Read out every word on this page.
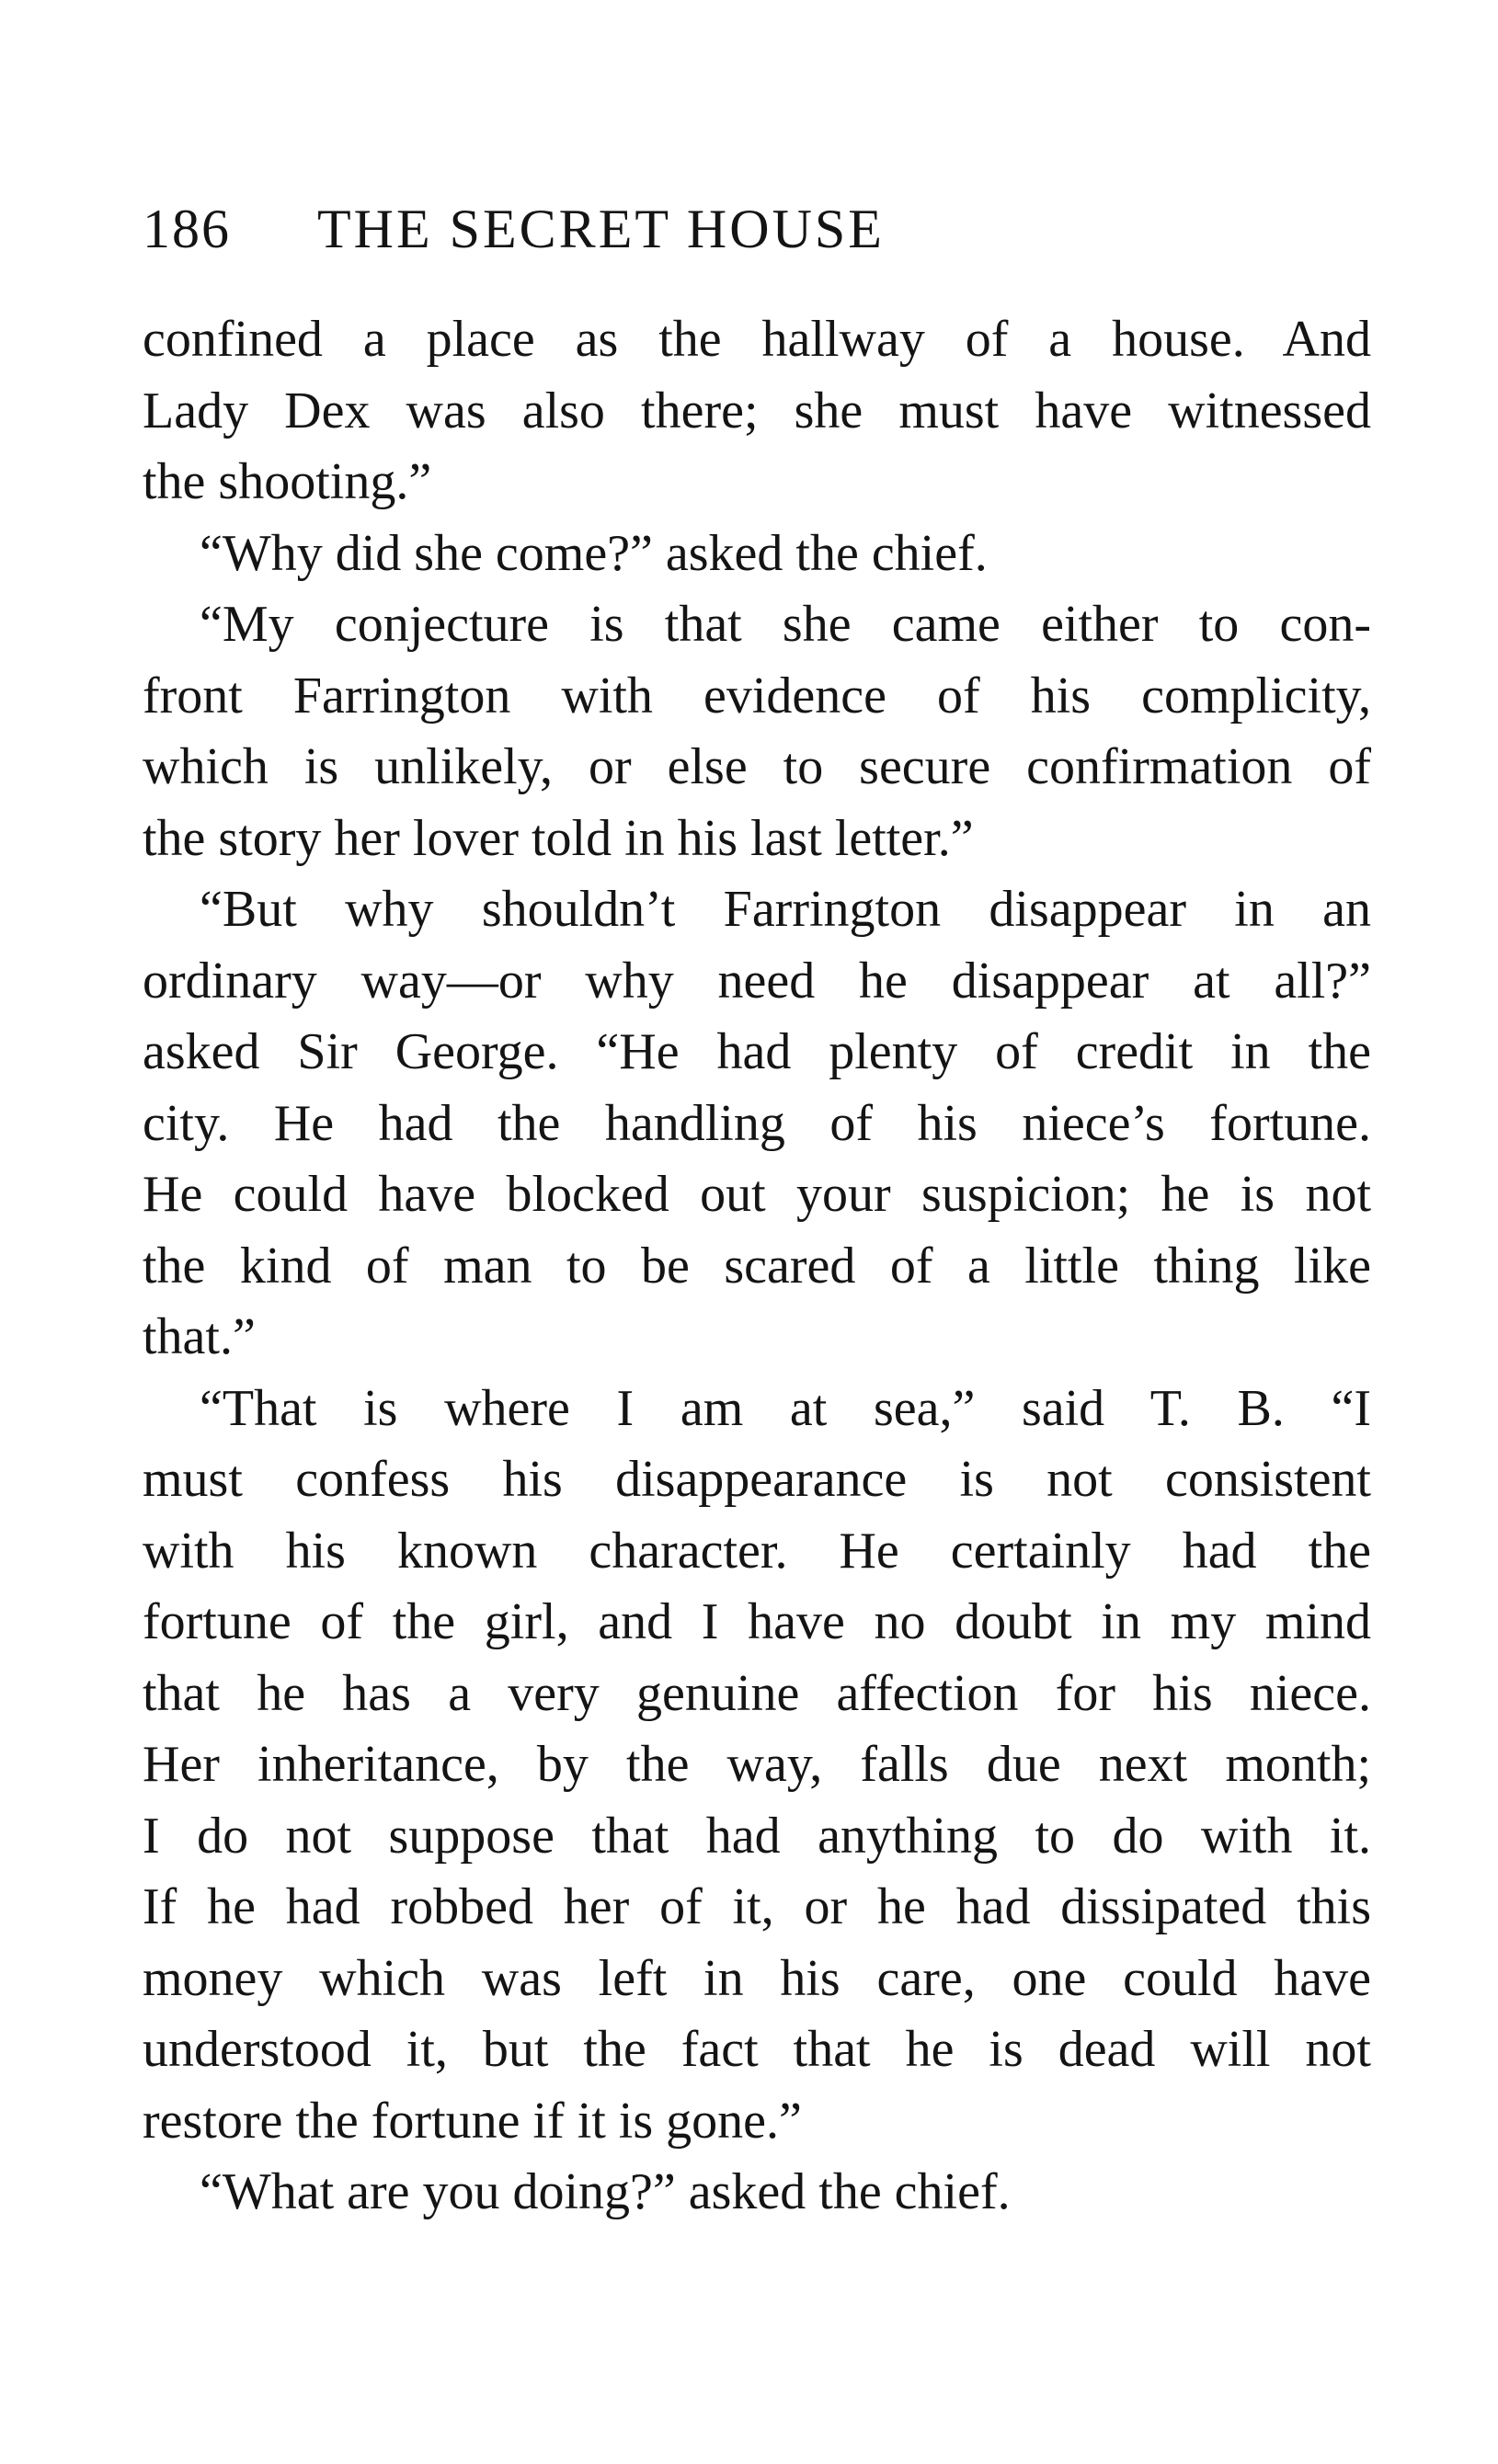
186	THE SECRET HOUSE

confined a place as the hallway of a house. And
Lady Dex was also there; she must have witnessed
the shooting.”

“Why did she come?” asked the chief.

“My conjecture is that she came either to con-
front Farrington with evidence of his complicity,
which is unlikely, or else to secure confirmation of
the story her lover told in his last letter.”

“But why shouldn’t Farrington disappear in an
ordinary way—or why need he disappear at all?”
asked Sir George. “He had plenty of credit in the
city. He had the handling of his niece’s fortune.
He could have blocked out your suspicion; he is not
the kind of man to be scared of a little thing like
that.”

“That is where I am at sea,” said T. B. “I
must confess his disappearance is not consistent
with his known character. He certainly had the
fortune of the girl, and I have no doubt in my mind
that he has a very genuine affection for his niece.
Her inheritance, by the way, falls due next month;
I do not suppose that had anything to do with it.
If he had robbed her of it, or he had dissipated this
money which was left in his care, one could have
understood it, but the fact that he is dead will not
restore the fortune if it is gone.”

“What are you doing?” asked the chief.
